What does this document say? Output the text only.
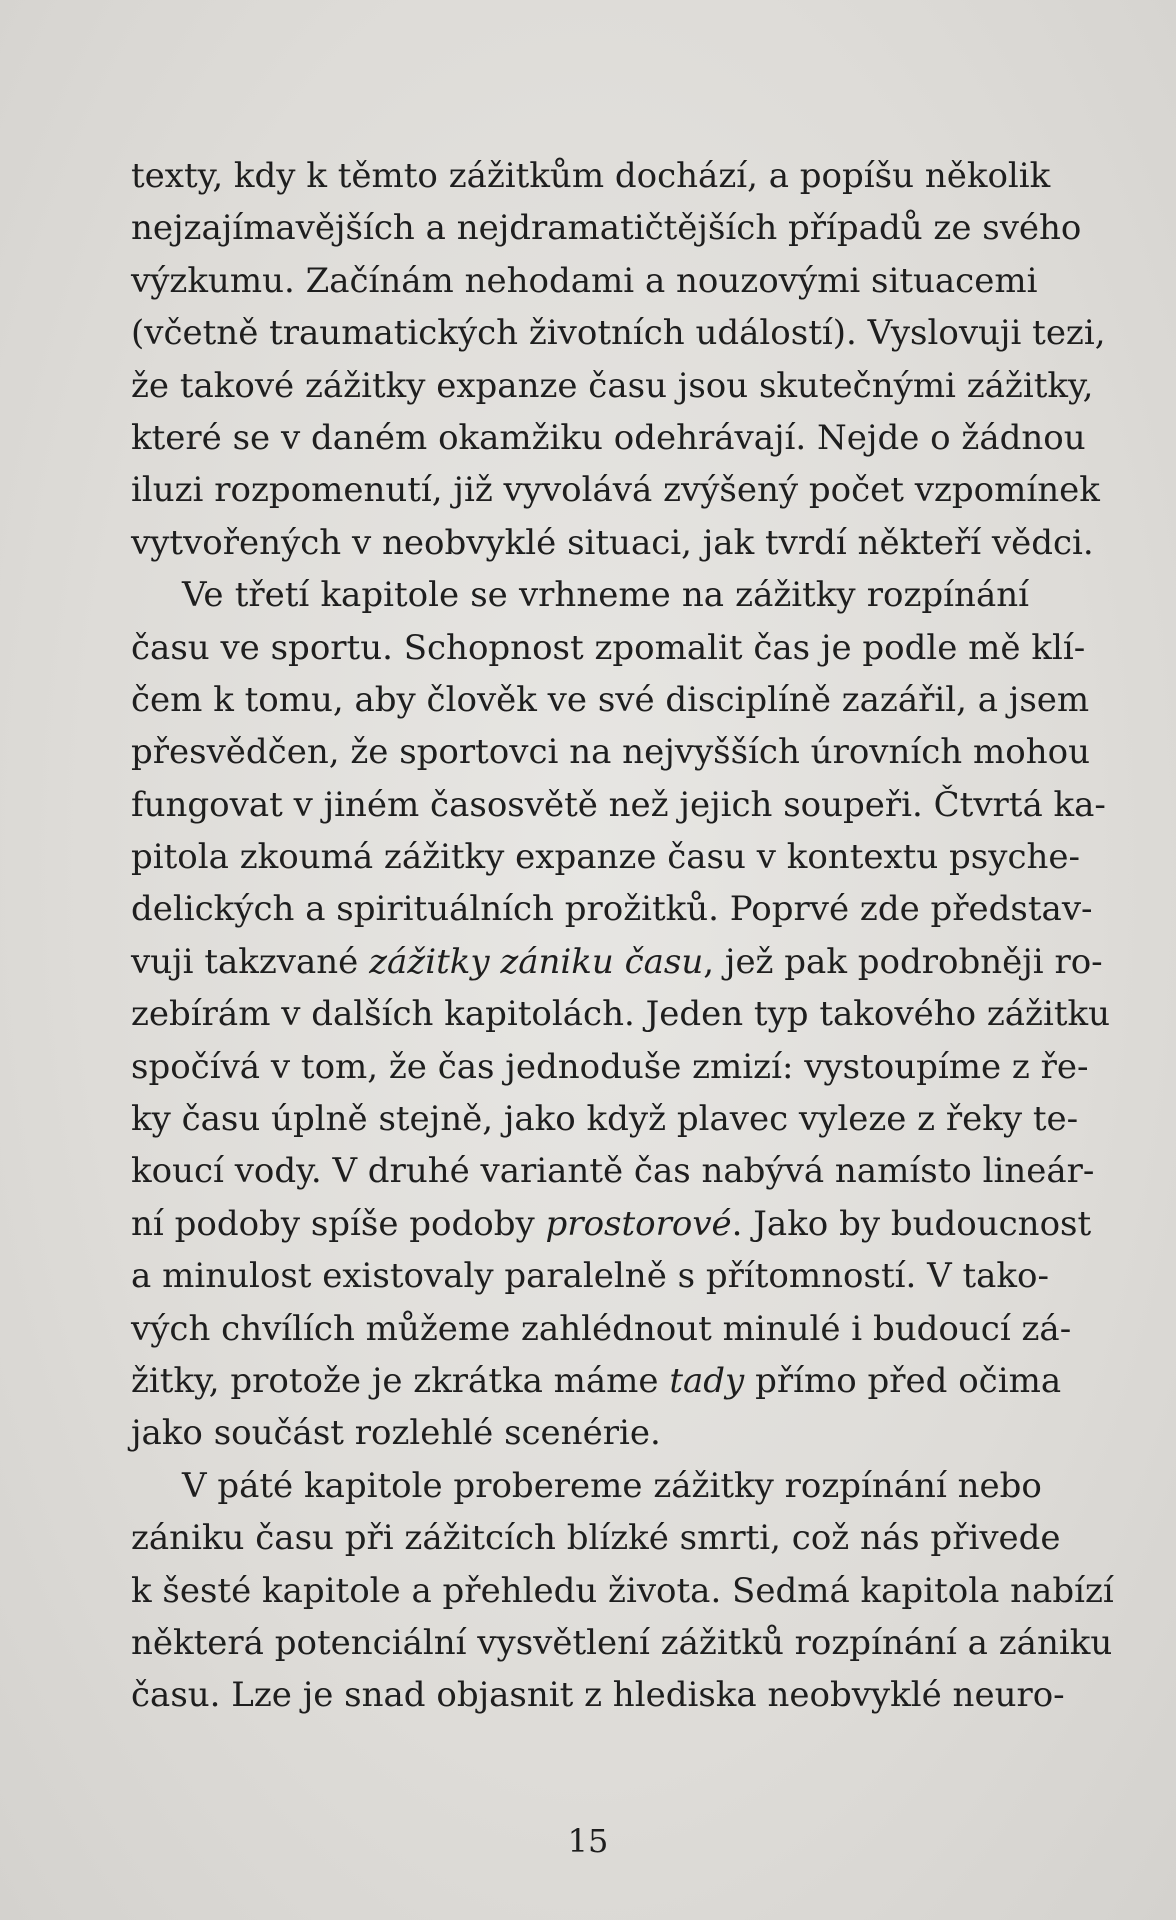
texty, kdy k těmto zážitkům dochází, a popíšu několik
nejzajímavějších a nejdramatičtějších případů ze svého
výzkumu. Začínám nehodami a nouzovými situacemi
(včetně traumatických životních událostí). Vyslovuji tezi,
že takové zážitky expanze času jsou skutečnými zážitky,
které se v daném okamžiku odehrávají. Nejde o žádnou
iluzi rozpomenutí, již vyvolává zvýšený počet vzpomínek
vytvořených v neobvyklé situaci, jak tvrdí někteří vědci.
Ve třetí kapitole se vrhneme na zážitky rozpínání
času ve sportu. Schopnost zpomalit čas je podle mě klí-
čem k tomu, aby člověk ve své disciplíně zazářil, a jsem
přesvědčen, že sportovci na nejvyšších úrovních mohou
fungovat v jiném časosvětě než jejich soupeři. Čtvrtá ka-
pitola zkoumá zážitky expanze času v kontextu psyche-
delických a spirituálních prožitků. Poprvé zde představ-
vuji takzvané zážitky zániku času, jež pak podrobněji ro-
zebírám v dalších kapitolách. Jeden typ takového zážitku
spočívá v tom, že čas jednoduše zmizí: vystoupíme z ře-
ky času úplně stejně, jako když plavec vyleze z řeky te-
koucí vody. V druhé variantě čas nabývá namísto lineár-
ní podoby spíše podoby prostorové. Jako by budoucnost
a minulost existovaly paralelně s přítomností. V tako-
vých chvílích můžeme zahlédnout minulé i budoucí zá-
žitky, protože je zkrátka máme tady přímo před očima
jako součást rozlehlé scenérie.
V páté kapitole probereme zážitky rozpínání nebo
zániku času při zážitcích blízké smrti, což nás přivede
k šesté kapitole a přehledu života. Sedmá kapitola nabízí
některá potenciální vysvětlení zážitků rozpínání a zániku
času. Lze je snad objasnit z hlediska neobvyklé neuro-
15
